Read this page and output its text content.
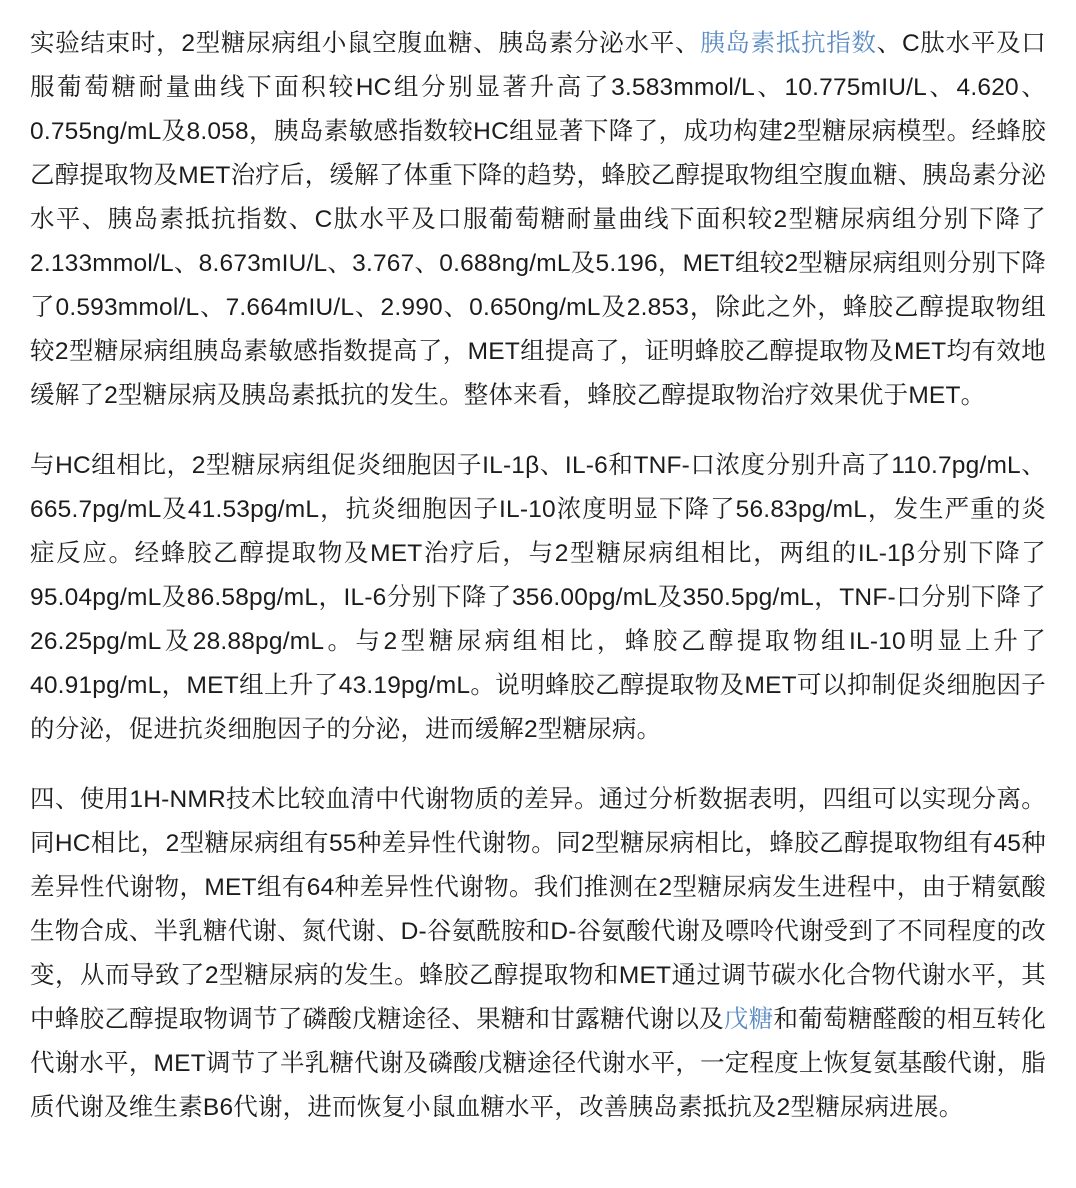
实验结束时，2型糖尿病组小鼠空腹血糖、胰岛素分泌水平、胰岛素抵抗指数、C肽水平及口服葡萄糖耐量曲线下面积较HC组分别显著升高了3.583mmol/L、10.775mIU/L、4.620、0.755ng/mL及8.058，胰岛素敏感指数较HC组显著下降了，成功构建2型糖尿病模型。经蜂胶乙醇提取物及MET治疗后，缓解了体重下降的趋势，蜂胶乙醇提取物组空腹血糖、胰岛素分泌水平、胰岛素抵抗指数、C肽水平及口服葡萄糖耐量曲线下面积较2型糖尿病组分别下降了2.133mmol/L、8.673mIU/L、3.767、0.688ng/mL及5.196，MET组较2型糖尿病组则分别下降了0.593mmol/L、7.664mIU/L、2.990、0.650ng/mL及2.853，除此之外，蜂胶乙醇提取物组较2型糖尿病组胰岛素敏感指数提高了，MET组提高了，证明蜂胶乙醇提取物及MET均有效地缓解了2型糖尿病及胰岛素抵抗的发生。整体来看，蜂胶乙醇提取物治疗效果优于MET。

与HC组相比，2型糖尿病组促炎细胞因子IL-1β、IL-6和TNF-口浓度分别升高了110.7pg/mL、665.7pg/mL及41.53pg/mL，抗炎细胞因子IL-10浓度明显下降了56.83pg/mL，发生严重的炎症反应。经蜂胶乙醇提取物及MET治疗后，与2型糖尿病组相比，两组的IL-1β分别下降了95.04pg/mL及86.58pg/mL，IL-6分别下降了356.00pg/mL及350.5pg/mL，TNF-口分别下降了26.25pg/mL及28.88pg/mL。与2型糖尿病组相比，蜂胶乙醇提取物组IL-10明显上升了40.91pg/mL，MET组上升了43.19pg/mL。说明蜂胶乙醇提取物及MET可以抑制促炎细胞因子的分泌，促进抗炎细胞因子的分泌，进而缓解2型糖尿病。

四、使用1H-NMR技术比较血清中代谢物质的差异。通过分析数据表明，四组可以实现分离。同HC相比，2型糖尿病组有55种差异性代谢物。同2型糖尿病相比，蜂胶乙醇提取物组有45种差异性代谢物，MET组有64种差异性代谢物。我们推测在2型糖尿病发生进程中，由于精氨酸生物合成、半乳糖代谢、氮代谢、D-谷氨酰胺和D-谷氨酸代谢及嘌呤代谢受到了不同程度的改变，从而导致了2型糖尿病的发生。蜂胶乙醇提取物和MET通过调节碳水化合物代谢水平，其中蜂胶乙醇提取物调节了磷酸戊糖途径、果糖和甘露糖代谢以及戊糖和葡萄糖醛酸的相互转化代谢水平，MET调节了半乳糖代谢及磷酸戊糖途径代谢水平，一定程度上恢复氨基酸代谢，脂质代谢及维生素B6代谢，进而恢复小鼠血糖水平，改善胰岛素抵抗及2型糖尿病进展。
